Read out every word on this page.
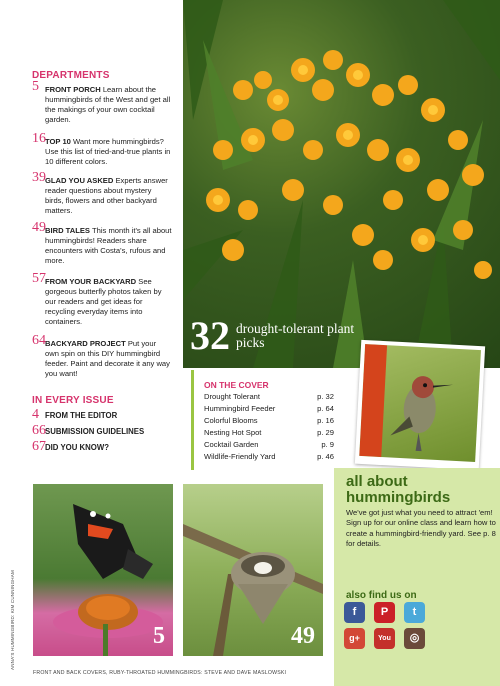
DEPARTMENTS
5 FRONT PORCH Learn about the hummingbirds of the West and get all the makings of your own cocktail garden.
16 TOP 10 Want more hummingbirds? Use this list of tried-and-true plants in 10 different colors.
39 GLAD YOU ASKED Experts answer reader questions about mystery birds, flowers and other backyard matters.
49 BIRD TALES This month it's all about hummingbirds! Readers share encounters with Costa's, rufous and more.
57 FROM YOUR BACKYARD See gorgeous butterfly photos taken by our readers and get ideas for recycling everyday items into containers.
64 BACKYARD PROJECT Put your own spin on this DIY hummingbird feeder. Paint and decorate it any way you want!
IN EVERY ISSUE
4 FROM THE EDITOR
66 SUBMISSION GUIDELINES
67 DID YOU KNOW?
32 drought-tolerant plant picks
ON THE COVER
Drought Tolerant	p. 32
Hummingbird Feeder	p. 64
Colorful Blooms	p. 16
Nesting Hot Spot	p. 29
Cocktail Garden	p. 9
Wildlife-Friendly Yard	p. 46
all about hummingbirds
We've got just what you need to attract 'em! Sign up for our online class and learn how to create a hummingbird-friendly yard. See p. 8 for details.
also find us on
f	P	t
g+	You	◎
5	49
ANNA'S HUMMINGBIRD: KIM CUNNINGHAM
FRONT AND BACK COVERS, RUBY-THROATED HUMMINGBIRDS: STEVE AND DAVE MASLOWSKI
